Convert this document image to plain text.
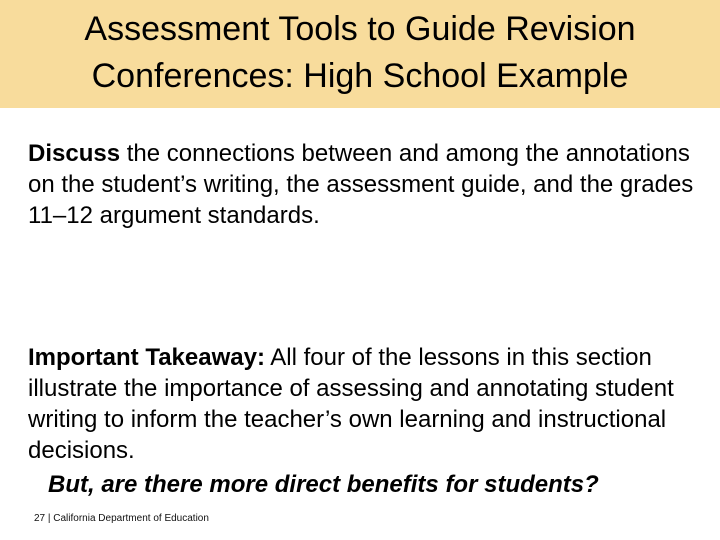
Assessment Tools to Guide Revision
Conferences: High School Example
Discuss the connections between and among the annotations on the student’s writing, the assessment guide, and the grades 11–12 argument standards.
Important Takeaway: All four of the lessons in this section illustrate the importance of assessing and annotating student writing to inform the teacher’s own learning and instructional decisions.
27 | California Department of Education
But, are there more direct benefits for students?
